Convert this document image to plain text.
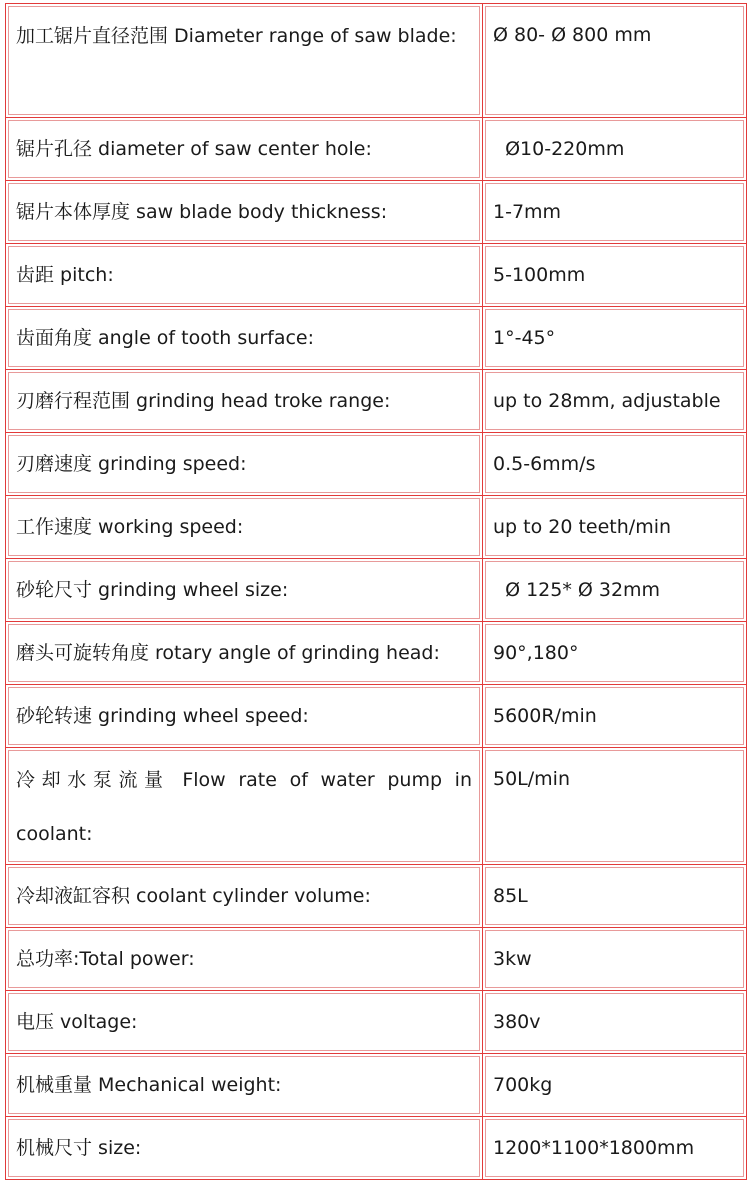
加工锯片直径范围 Diameter range of saw blade:	Ø 80- Ø 800 mm

锯片孔径 diameter of saw center hole:	Ø10-220mm

锯片本体厚度 saw blade body thickness:	1-7mm

齿距 pitch:	5-100mm

齿面角度 angle of tooth surface:	1°-45°

刃磨行程范围 grinding head troke range:	up to 28mm, adjustable

刃磨速度 grinding speed:	0.5-6mm/s

工作速度 working speed:	up to 20 teeth/min

砂轮尺寸 grinding wheel size:	Ø 125* Ø 32mm

磨头可旋转角度 rotary angle of grinding head:	90°,180°

砂轮转速 grinding wheel speed:	5600R/min

冷却水泵流量 Flow rate of water pump in coolant:	50L/min

冷却液缸容积 coolant cylinder volume:	85L

总功率:Total power:	3kw

电压 voltage:	380v

机械重量 Mechanical weight:	700kg

机械尺寸 size:	1200*1100*1800mm
